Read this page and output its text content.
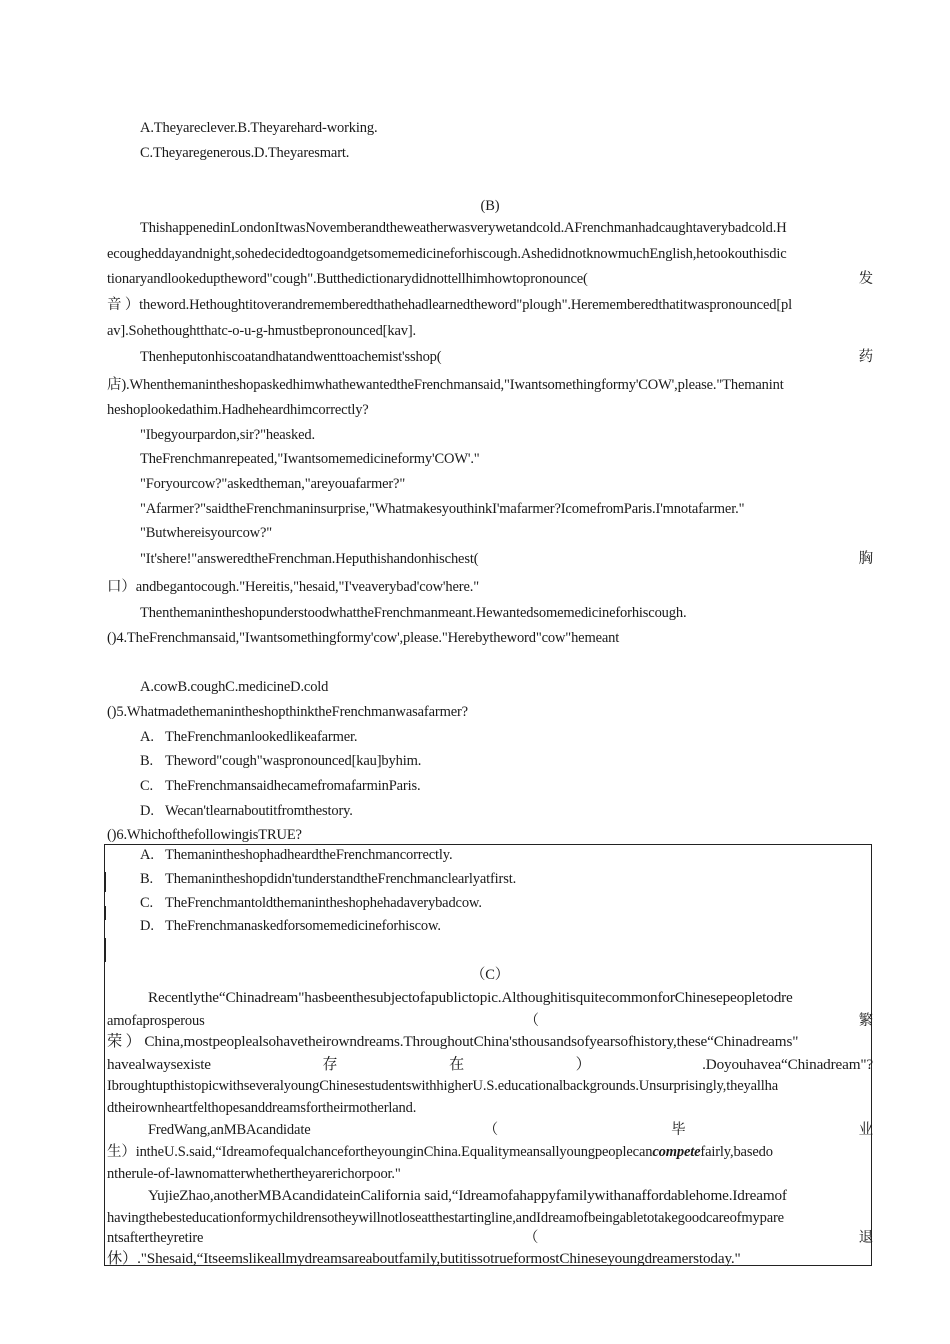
A.Theyareclever.B.Theyarehard-working.
C.Theyaregenerous.D.Theyaresmart.
(B)
ThishappenedinLondonItwasNovemberandtheweatherwasverywetandcold.AFrenchmanhadcaughtaverybadcold.H
ecougheddayandnight,sohedecidedtogoandgetsomemedicineforhiscough.AshedidnotknowmuchEnglish,hetookouthisdic
tionaryandlookeduptheword"cough".Butthedictionarydidnottellhimhowtopronounce(	发
音 ）theword.Hethoughtitoverandrememberedthathehadlearnedtheword"plough".Herememberedthatitwaspronounced[pl
av].Sohethoughtthatc-o-u-g-hmustbepronounced[kav].
Thenheputonhiscoatandhatandwenttoachemist'sshop(	药
店).WhenthemanintheshopaskedhimwhathewantedtheFrenchmansaid,"Iwantsomethingformy'COW',please."Themanint
heshoplookedathim.Hadheheardhimcorrectly?
"Ibegyourpardon,sir?"heasked.
TheFrenchmanrepeated,"Iwantsomemedicineformy'COW'."
"Foryourcow?"askedtheman,"areyouafarmer?"
"Afarmer?"saidtheFrenchmaninsurprise,"WhatmakesyouthinkI'mafarmer?IcomefromParis.I'mnotafarmer."
"Butwhereisyourcow?"
"It'shere!"answeredtheFrenchman.Heputhishandonhischest(	胸
口）andbegantocough."Hereitis,"hesaid,"I'veaverybad'cow'here."
ThenthemanintheshopunderstoodwhattheFrenchmanmeant.Hewantedsomemedicineforhiscough.
()4.TheFrenchmansaid,"Iwantsomethingformy'cow',please."Herebytheword"cow"hemeant
A.cowB.coughC.medicineD.cold
()5.WhatmadethemanintheshopthinktheFrenchmanwasafarmer?
A. TheFrenchmanlookedlikeafarmer.
B. Theword"cough"waspronounced[kau]byhim.
C. TheFrenchmansaidhecamefromafarminParis.
D. Wecan'tlearnaboutitfromthestory.
()6.WhichofthefollowingisTRUE?
A. ThemanintheshophadheardtheFrenchmancorrectly.
B. Themanintheshopdidn'tunderstandtheFrenchmanclearlyatfirst.
C. TheFrenchmantoldthemanintheshophehadaverybadcow.
D. TheFrenchmanaskedforsomemedicineforhiscow.
（C）
Recentlythe“Chinadream"hasbeenthesubjectofapublictopic.AlthoughitisquitecommonforChinesepeopletodre
amofaprosperous	（	繁
荣 ） China,mostpeoplealsohavetheirowndreams.ThroughoutChina'sthousandsofyearsofhistory,these“Chinadreams"
havealwaysexiste	存	在	）	.Doyouhavea“Chinadream"?
IbroughtupthistopicwithseveralyoungChinesestudentswithhigherU.S.educationalbackgrounds.Unsurprisingly,theyallha
dtheirownheartfelthopesanddreamsfortheirmotherland.
FredWang,anMBAcandidate	（	毕	业
生）intheU.S.said,“IdreamofequalchancefortheyounginChina.Equalitymeansallyoungpeoplecancompetefairly,basedo
ntherule-of-lawnomatterwhethertheyarerichorpoor."
YujieZhao,anotherMBAcandidateinCalifornia said,“Idreamofahappyfamilywithanaffordablehome.Idreamof
havingthebesteducationformychildrensotheywillnotloseatthestartingline,andIdreamofbeingabletotakegoodcareofmypare
ntsaftertheyretire	（	退
休）."Shesaid,“Itseemslikeallmydreamsareaboutfamily,butitissotrueformostChineseyoungdreamerstoday."
